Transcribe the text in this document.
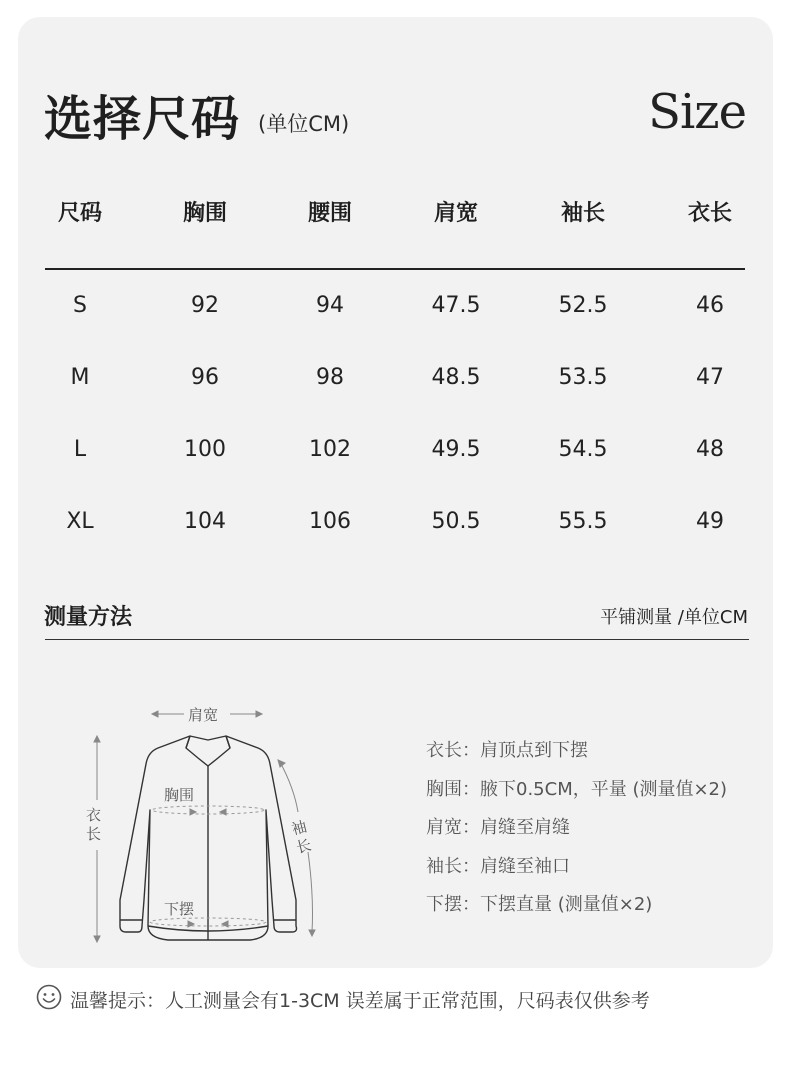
选择尺码 (单位CM)	Size
尺码	胸围	腰围	肩宽	袖长	衣长
S	92	94	47.5	52.5	46
M	96	98	48.5	53.5	47
L	100	102	49.5	54.5	48
XL	104	106	50.5	55.5	49
测量方法	平铺测量 /单位CM
肩宽
胸围
衣长	袖长
下摆
衣长：肩顶点到下摆
胸围：腋下0.5CM，平量 (测量值×2)
肩宽：肩缝至肩缝
袖长：肩缝至袖口
下摆：下摆直量 (测量值×2)
温馨提示：人工测量会有1-3CM 误差属于正常范围，尺码表仅供参考
